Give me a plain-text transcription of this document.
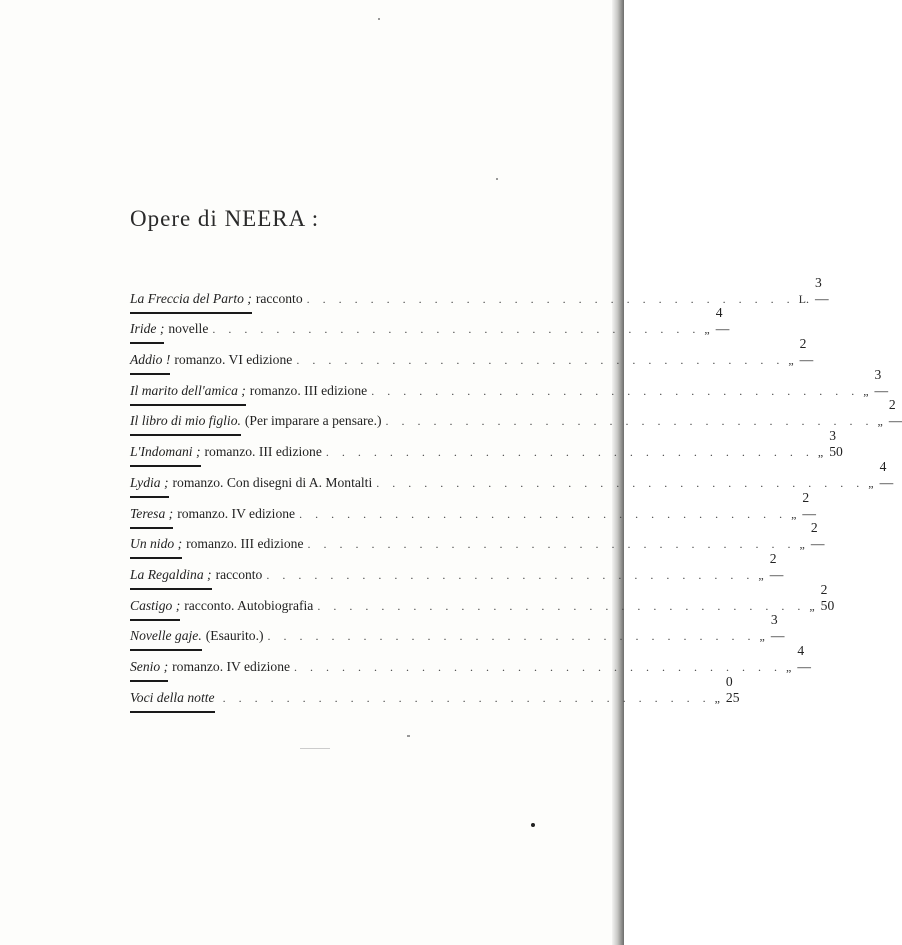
Opere di NEERA :
La Freccia del Parto ; racconto . . . . . . . . . . . . . . . . . . . . . . . . . . . . . . . L.
3 —
Iride ; novelle . . . . . . . . . . . . . . . . . . . . . . . . . . . . . . . „
4 —
Addio ! romanzo. VI edizione . . . . . . . . . . . . . . . . . . . . . . . . . . . . . . . „
2 —
Il marito dell'amica ; romanzo. III edizione . . . . . . . . . . . . . . . . . . . . . . . . . . . . . . . „
3 —
Il libro di mio figlio. (Per imparare a pensare.) . . . . . . . . . . . . . . . . . . . . . . . . . . . . . . . „
2 —
L'Indomani ; romanzo. III edizione . . . . . . . . . . . . . . . . . . . . . . . . . . . . . . . „
3 50
Lydia ; romanzo. Con disegni di A. Montalti . . . . . . . . . . . . . . . . . . . . . . . . . . . . . . . „
4 —
Teresa ; romanzo. IV edizione . . . . . . . . . . . . . . . . . . . . . . . . . . . . . . . „
2 —
Un nido ; romanzo. III edizione . . . . . . . . . . . . . . . . . . . . . . . . . . . . . . . „
2 —
La Regaldina ; racconto . . . . . . . . . . . . . . . . . . . . . . . . . . . . . . . „
2 —
Castigo ; racconto. Autobiografia . . . . . . . . . . . . . . . . . . . . . . . . . . . . . . . „
2 50
Novelle gaje. (Esaurito.) . . . . . . . . . . . . . . . . . . . . . . . . . . . . . . . „
3 —
Senio ; romanzo. IV edizione . . . . . . . . . . . . . . . . . . . . . . . . . . . . . . . „
4 —
Voci della notte . . . . . . . . . . . . . . . . . . . . . . . . . . . . . . . „
0 25
